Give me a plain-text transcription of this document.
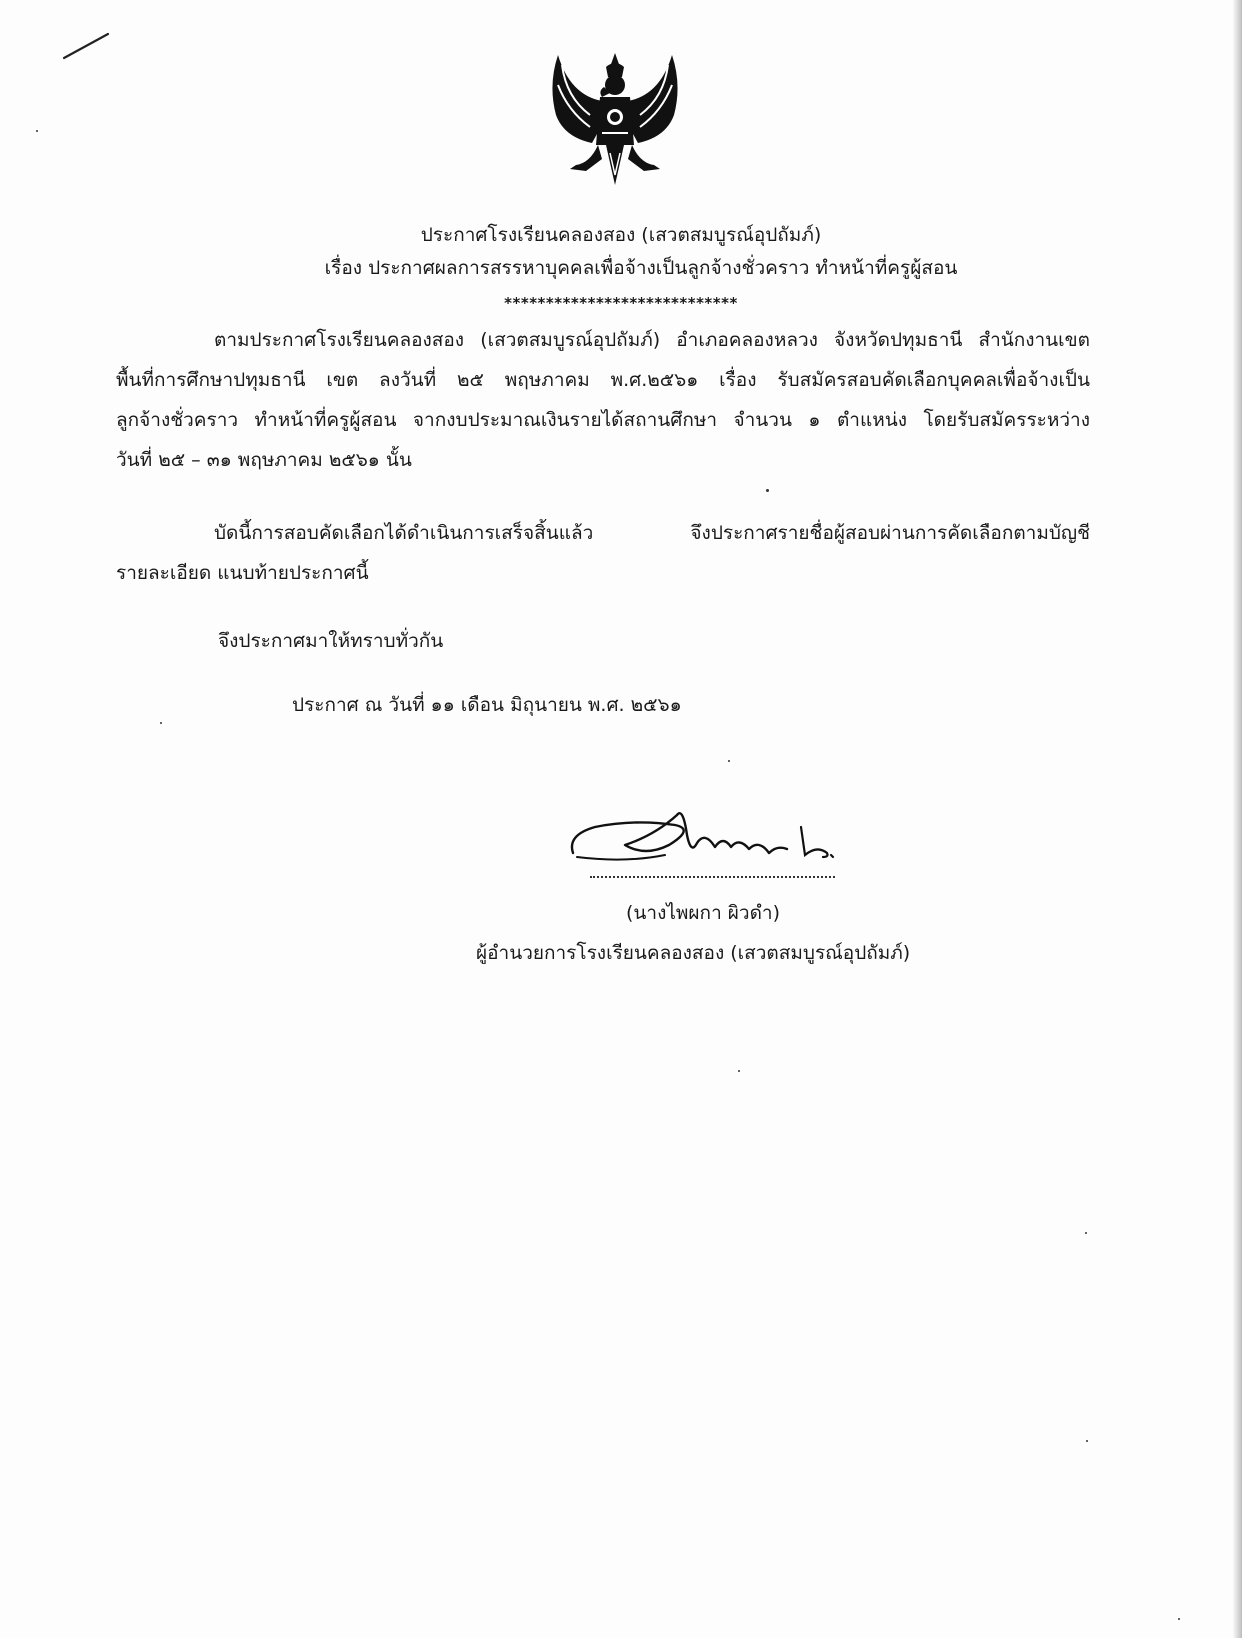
ประกาศโรงเรียนคลองสอง (เสวตสมบูรณ์อุปถัมภ์)
เรื่อง ประกาศผลการสรรหาบุคคลเพื่อจ้างเป็นลูกจ้างชั่วคราว ทำหน้าที่ครูผู้สอน
****************************
ตามประกาศโรงเรียนคลองสอง (เสวตสมบูรณ์อุปถัมภ์) อำเภอคลองหลวง จังหวัดปทุมธานี สำนักงานเขต
พื้นที่การศึกษาปทุมธานี เขต ลงวันที่ ๒๕ พฤษภาคม พ.ศ.๒๕๖๑ เรื่อง รับสมัครสอบคัดเลือกบุคคลเพื่อจ้างเป็น
ลูกจ้างชั่วคราว ทำหน้าที่ครูผู้สอน จากงบประมาณเงินรายได้สถานศึกษา จำนวน ๑ ตำแหน่ง โดยรับสมัครระหว่าง
วันที่ ๒๕ – ๓๑ พฤษภาคม ๒๕๖๑ นั้น
บัดนี้การสอบคัดเลือกได้ดำเนินการเสร็จสิ้นแล้ว จึงประกาศรายชื่อผู้สอบผ่านการคัดเลือกตามบัญชี
รายละเอียด แนบท้ายประกาศนี้
จึงประกาศมาให้ทราบทั่วกัน
ประกาศ ณ วันที่ ๑๑ เดือน มิถุนายน พ.ศ. ๒๕๖๑
(นางไพผกา ผิวดำ)
ผู้อำนวยการโรงเรียนคลองสอง (เสวตสมบูรณ์อุปถัมภ์)
